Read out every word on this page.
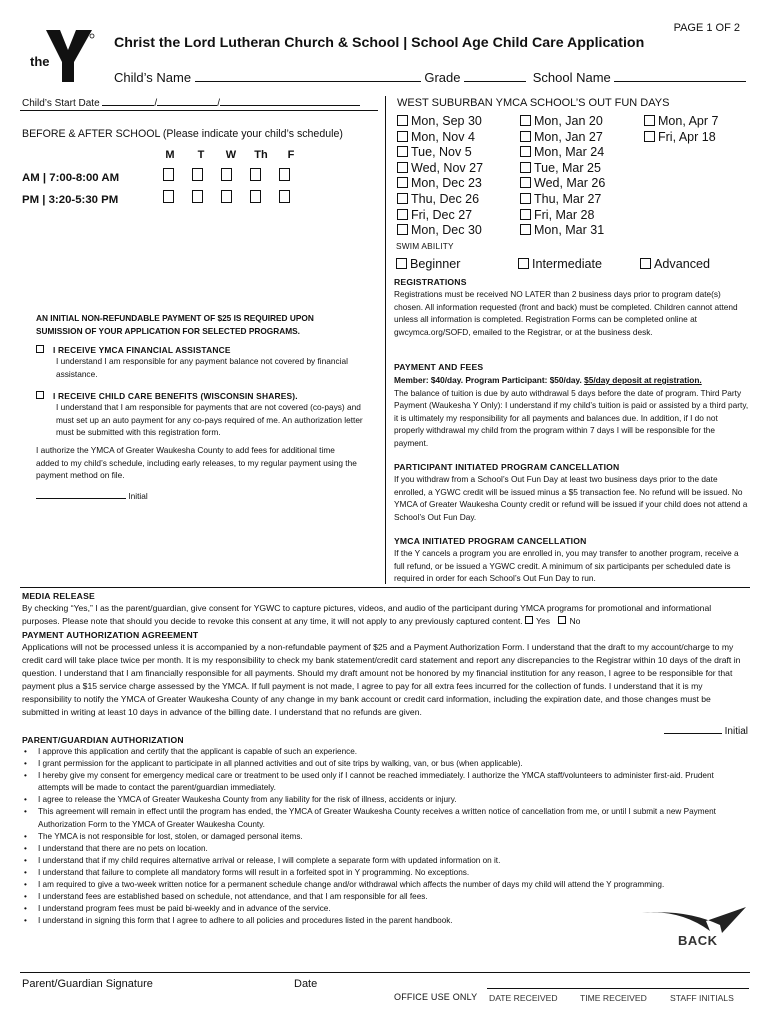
PAGE 1 OF 2
the	YMCA
Christ the Lord Lutheran Church & School | School Age Child Care Application
Child’s Name	Grade	School Name
Child’s Start Date	/	/
BEFORE & AFTER SCHOOL (Please indicate your child’s schedule)
M T W Th F
AM | 7:00-8:00 AM
PM | 3:20-5:30 PM
AN INITIAL NON-REFUNDABLE PAYMENT OF $25 IS REQUIRED UPON SUMISSION OF YOUR APPLICATION FOR SELECTED PROGRAMS.
I RECEIVE YMCA FINANCIAL ASSISTANCE
I understand I am responsible for any payment balance not covered by financial assistance.
I RECEIVE CHILD CARE BENEFITS (WISCONSIN SHARES).
I understand that I am responsible for payments that are not covered (co-pays) and must set up an auto payment for any co-pays required of me. An authorization letter must be submitted with this registration form.
I authorize the YMCA of Greater Waukesha County to add fees for additional time added to my child’s schedule, including early releases, to my regular payment using the payment method on file.
Initial
WEST SUBURBAN YMCA SCHOOL’S OUT FUN DAYS
Mon, Sep 30
Mon, Nov 4
Tue, Nov 5
Wed, Nov 27
Mon, Dec 23
Thu, Dec 26
Fri, Dec 27
Mon, Dec 30
Mon, Jan 20
Mon, Jan 27
Mon, Mar 24
Tue, Mar 25
Wed, Mar 26
Thu, Mar 27
Fri, Mar 28
Mon, Mar 31
Mon, Apr 7
Fri, Apr 18
SWIM ABILITY
Beginner	Intermediate	Advanced
REGISTRATIONS
Registrations must be received NO LATER than 2 business days prior to program date(s) chosen. All information requested (front and back) must be completed. Children cannot attend unless all information is completed. Registration Forms can be completed online at gwcymca.org/SOFD, emailed to the Registrar, or at the business desk.
PAYMENT AND FEES
Member: $40/day. Program Participant: $50/day. $5/day deposit at registration.
The balance of tuition is due by auto withdrawal 5 days before the date of program. Third Party Payment (Waukesha Y Only): I understand if my child’s tuition is paid or assisted by a third party, it is ultimately my responsibility for all payments and balances due. In addition, if I do not properly withdrawal my child from the program within 7 days I will be responsible for the payment.
PARTICIPANT INITIATED PROGRAM CANCELLATION
If you withdraw from a School’s Out Fun Day at least two business days prior to the date enrolled, a YGWC credit will be issued minus a $5 transaction fee. No refund will be issued. No YMCA of Greater Waukesha County credit or refund will be issued if your child does not attend a School’s Out Fun Day.
YMCA INITIATED PROGRAM CANCELLATION
If the Y cancels a program you are enrolled in, you may transfer to another program, receive a full refund, or be issued a YGWC credit. A minimum of six participants per scheduled date is required in order for each School’s Out Fun Day to run.
MEDIA RELEASE
By checking “Yes,” I as the parent/guardian, give consent for YGWC to capture pictures, videos, and audio of the participant during YMCA programs for promotional and informational purposes. Please note that should you decide to revoke this consent at any time, it will not apply to any previously captured content. Yes No
PAYMENT AUTHORIZATION AGREEMENT
Applications will not be processed unless it is accompanied by a non-refundable payment of $25 and a Payment Authorization Form. I understand that the draft to my account/charge to my credit card will take place twice per month. It is my responsibility to check my bank statement/credit card statement and report any discrepancies to the Registrar within 10 days of the draft in question. I understand that I am financially responsible for all payments. Should my draft amount not be honored by my financial institution for any reason, I agree to be responsible for that payment plus a $15 service charge assessed by the YMCA. If full payment is not made, I agree to pay for all extra fees incurred for the collection of funds. I understand that it is my responsibility to notify the YMCA of Greater Waukesha County of any change in my bank account or credit card information, including the expiration date, and those changes must be submitted in writing at least 10 days in advance of the billing date. I understand that no refunds are given.
Initial
PARENT/GUARDIAN AUTHORIZATION
• I approve this application and certify that the applicant is capable of such an experience.
• I grant permission for the applicant to participate in all planned activities and out of site trips by walking, van, or bus (when applicable).
• I hereby give my consent for emergency medical care or treatment to be used only if I cannot be reached immediately. I authorize the YMCA staff/volunteers to administer first-aid. Prudent attempts will be made to contact the parent/guardian immediately.
• I agree to release the YMCA of Greater Waukesha County from any liability for the risk of illness, accidents or injury.
• This agreement will remain in effect until the program has ended, the YMCA of Greater Waukesha County receives a written notice of cancellation from me, or until I submit a new Payment Authorization Form to the YMCA of Greater Waukesha County.
• The YMCA is not responsible for lost, stolen, or damaged personal items.
• I understand that there are no pets on location.
• I understand that if my child requires alternative arrival or release, I will complete a separate form with updated information on it.
• I understand that failure to complete all mandatory forms will result in a forfeited spot in Y programming. No exceptions.
• I am required to give a two-week written notice for a permanent schedule change and/or withdrawal which affects the number of days my child will attend the Y programming.
• I understand fees are established based on schedule, not attendance, and that I am responsible for all fees.
• I understand program fees must be paid bi-weekly and in advance of the service.
• I understand in signing this form that I agree to adhere to all policies and procedures listed in the parent handbook.
BACK
Parent/Guardian Signature	Date
OFFICE USE ONLY DATE RECEIVED	TIME RECEIVED	STAFF INITIALS
